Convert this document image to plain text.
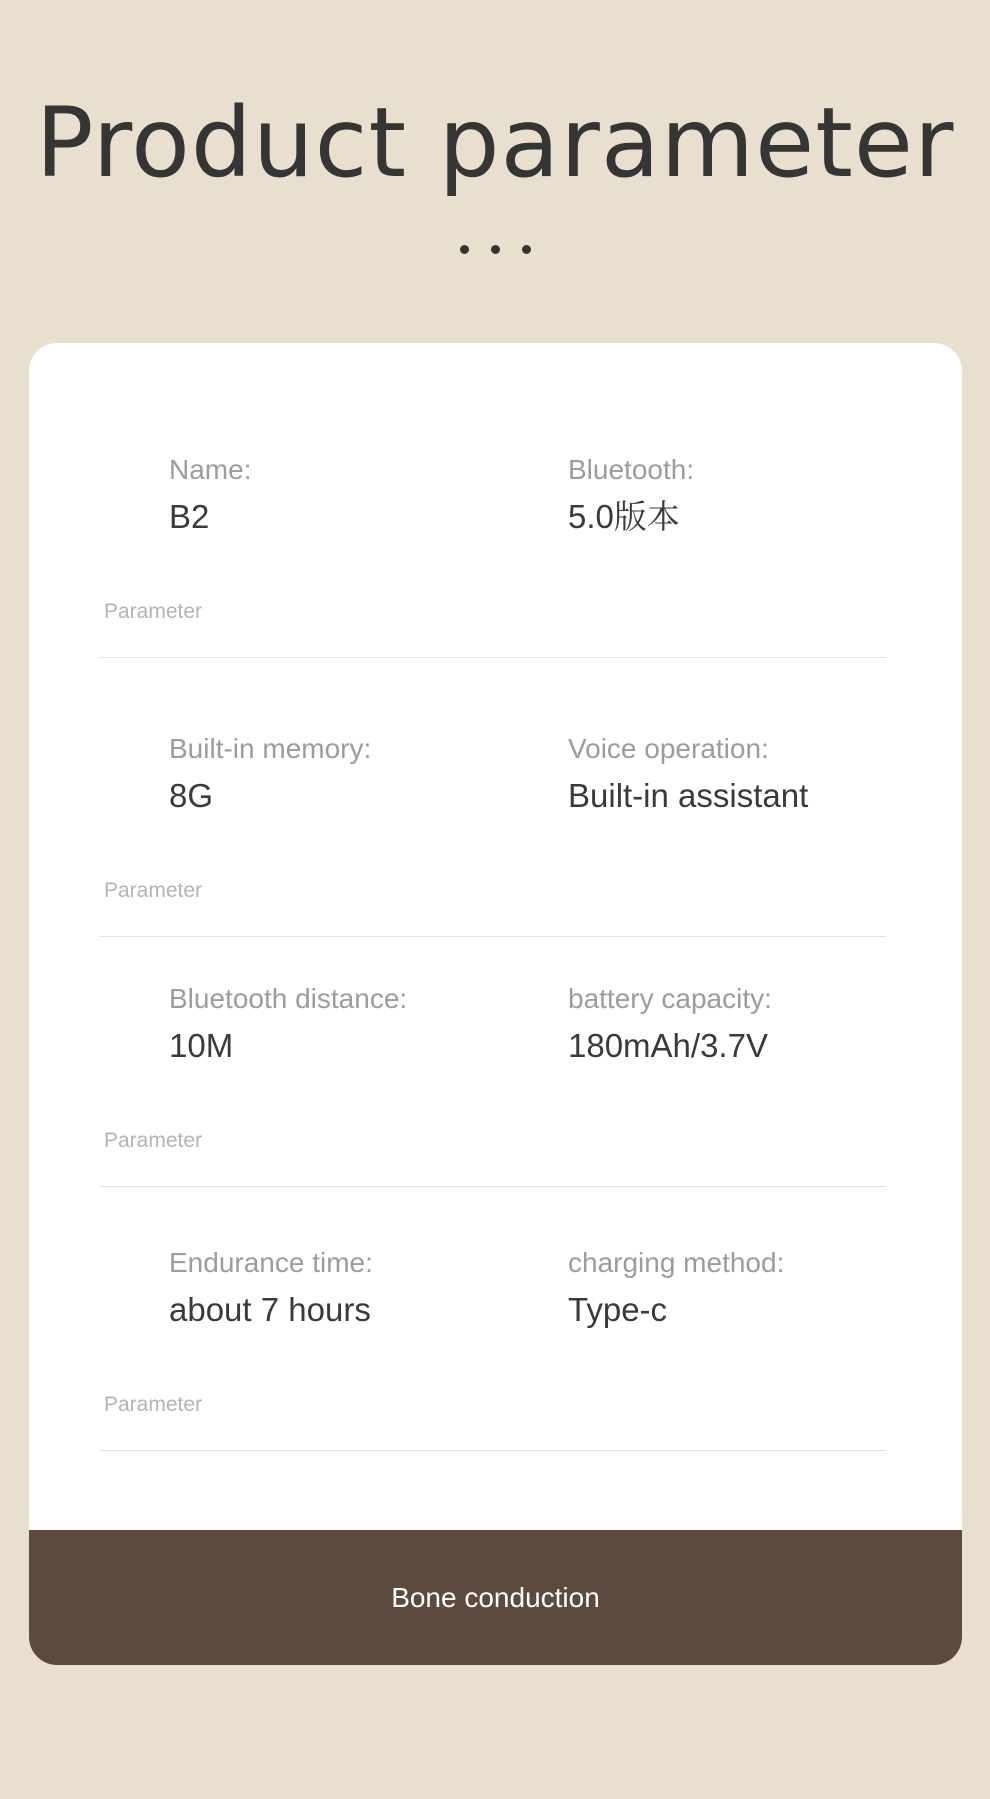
Product parameter
Name:
B2
Bluetooth:
5.0版本
Parameter
Built-in memory:
8G
Voice operation:
Built-in assistant
Parameter
Bluetooth distance:
10M
battery capacity:
180mAh/3.7V
Parameter
Endurance time:
about 7 hours
charging method:
Type-c
Parameter
Bone conduction
